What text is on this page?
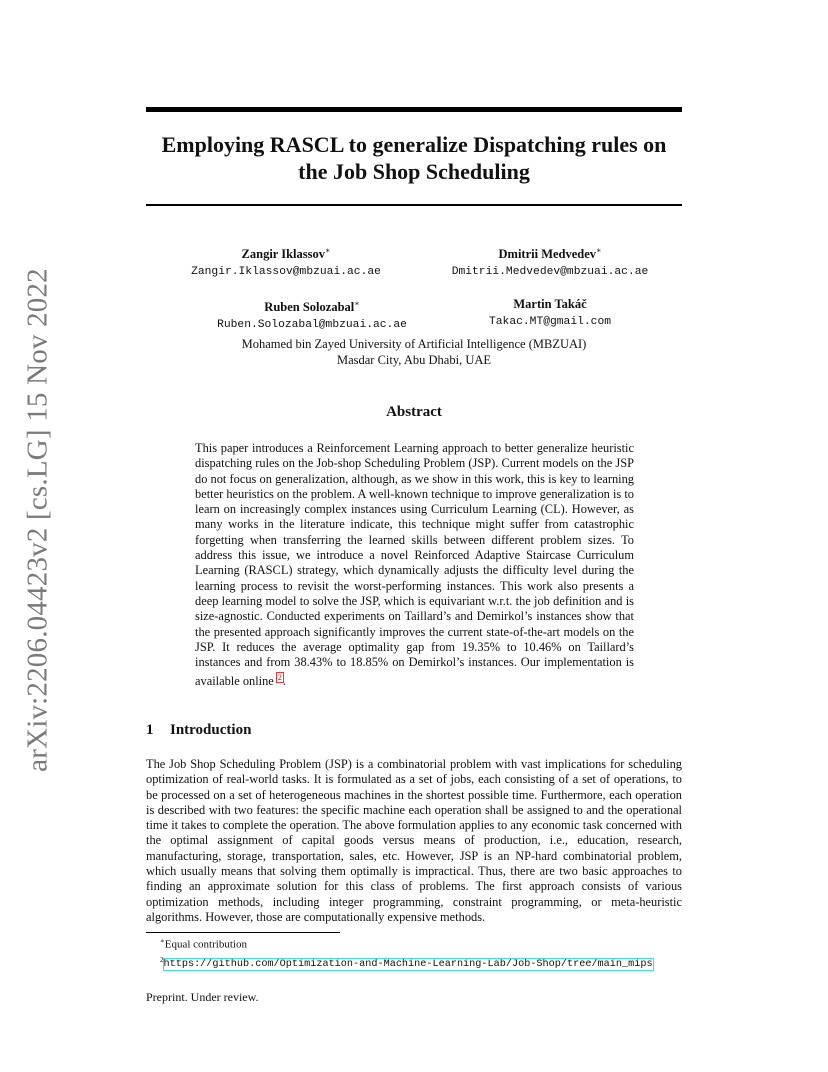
arXiv:2206.04423v2 [cs.LG] 15 Nov 2022
Employing RASCL to generalize Dispatching rules on the Job Shop Scheduling
Zangir Iklassov∗
Zangir.Iklassov@mbzuai.ac.ae
Dmitrii Medvedev∗
Dmitrii.Medvedev@mbzuai.ac.ae
Ruben Solozabal∗
Ruben.Solozabal@mbzuai.ac.ae
Martin Takáč
Takac.MT@gmail.com
Mohamed bin Zayed University of Artificial Intelligence (MBZUAI)
Masdar City, Abu Dhabi, UAE
Abstract

This paper introduces a Reinforcement Learning approach to better generalize heuristic dispatching rules on the Job-shop Scheduling Problem (JSP). Current models on the JSP do not focus on generalization, although, as we show in this work, this is key to learning better heuristics on the problem. A well-known technique to improve generalization is to learn on increasingly complex instances using Curriculum Learning (CL). However, as many works in the literature indicate, this technique might suffer from catastrophic forgetting when transferring the learned skills between different problem sizes. To address this issue, we introduce a novel Reinforced Adaptive Staircase Curriculum Learning (RASCL) strategy, which dynamically adjusts the difficulty level during the learning process to revisit the worst-performing instances. This work also presents a deep learning model to solve the JSP, which is equivariant w.r.t. the job definition and is size-agnostic. Conducted experiments on Taillard’s and Demirkol’s instances show that the presented approach significantly improves the current state-of-the-art models on the JSP. It reduces the average optimality gap from 19.35% to 10.46% on Taillard’s instances and from 38.43% to 18.85% on Demirkol’s instances. Our implementation is available online $^2$.

1 Introduction

The Job Shop Scheduling Problem (JSP) is a combinatorial problem with vast implications for scheduling optimization of real-world tasks. It is formulated as a set of jobs, each consisting of a set of operations, to be processed on a set of heterogeneous machines in the shortest possible time. Furthermore, each operation is described with two features: the specific machine each operation shall be assigned to and the operational time it takes to complete the operation. The above formulation applies to any economic task concerned with the optimal assignment of capital goods versus means of production, i.e., education, research, manufacturing, storage, transportation, sales, etc. However, JSP is an NP-hard combinatorial problem, which usually means that solving them optimally is impractical. Thus, there are two basic approaches to finding an approximate solution for this class of problems. The first approach consists of various optimization methods, including integer programming, constraint programming, or meta-heuristic algorithms. However, those are computationally expensive methods.

∗Equal contribution
$^2$https://github.com/Optimization-and-Machine-Learning-Lab/Job-Shop/tree/main_mips
Preprint. Under review.
